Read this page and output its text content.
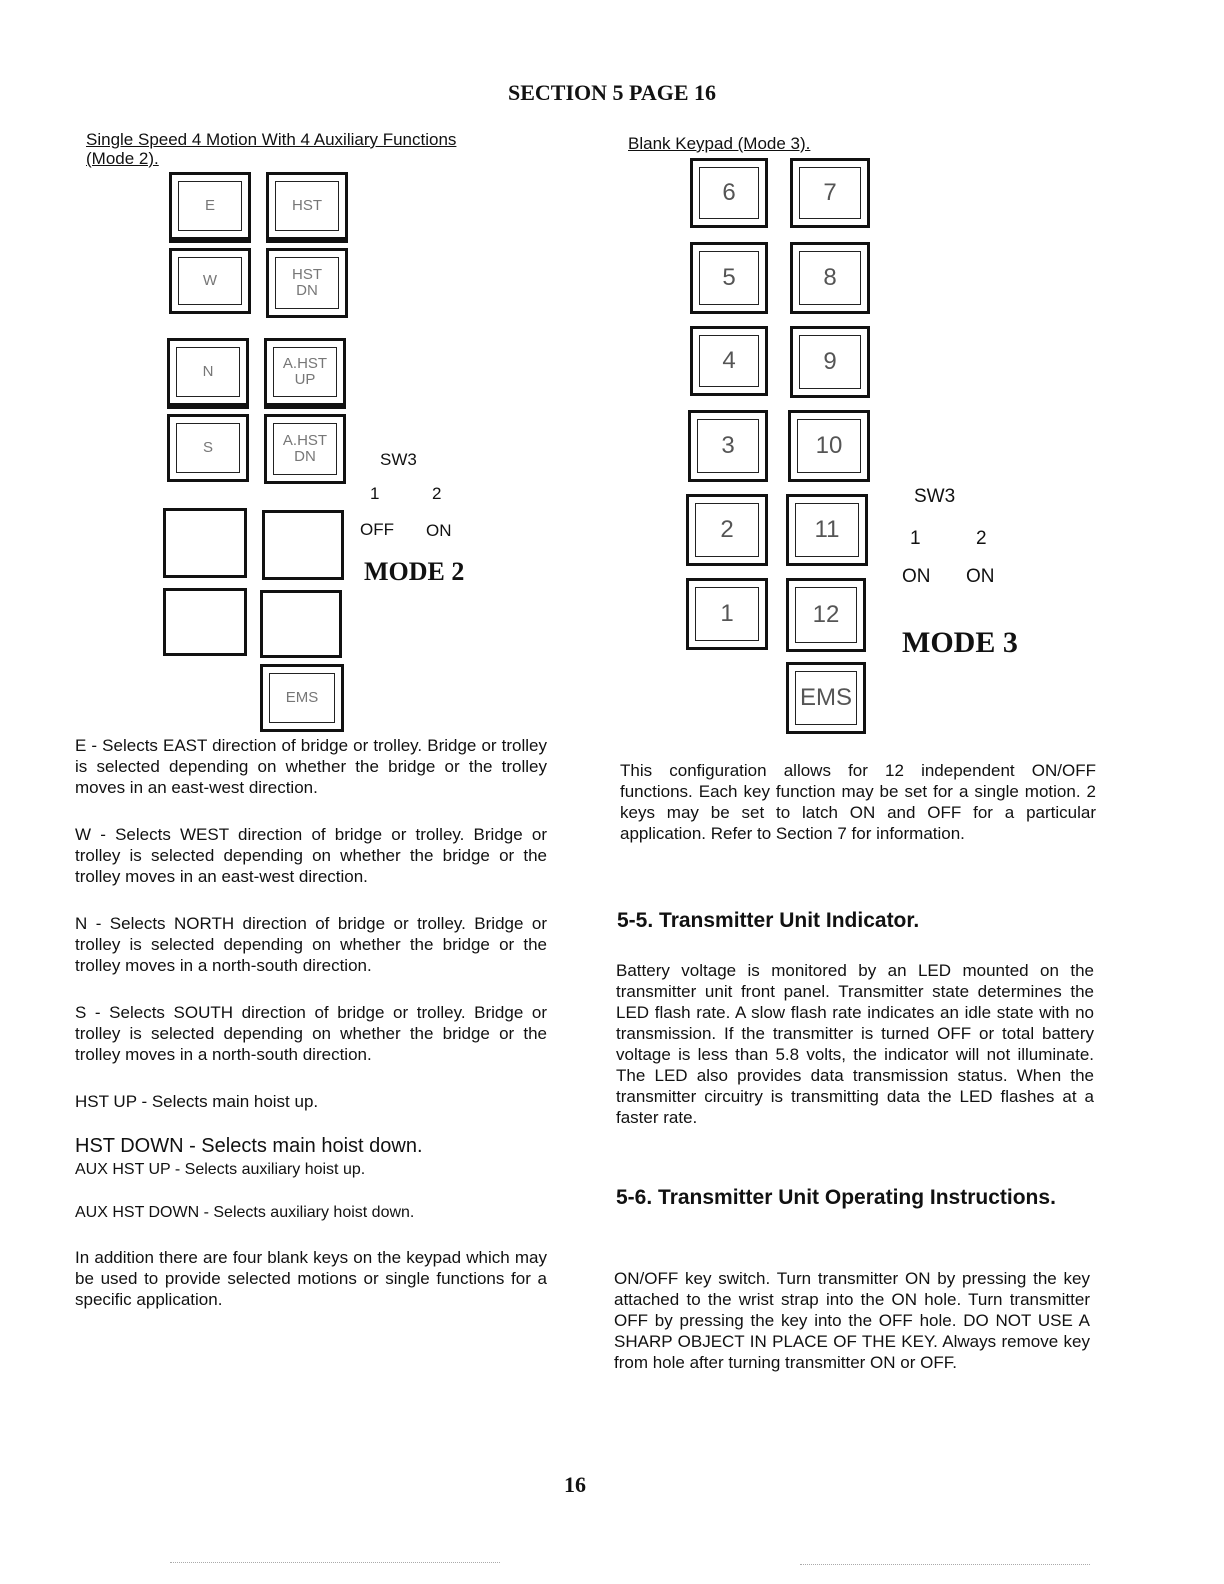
SECTION 5 PAGE 16
Single Speed 4 Motion With 4 Auxiliary Functions
(Mode 2).
E
W
HST
HST
DN
N
S
A.HST
UP
A.HST
DN
EMS
SW3
1	2
OFF ON
MODE 2

E - Selects EAST direction of bridge or trolley. Bridge or trolley is selected depending on whether the bridge or the trolley moves in an east-west direction.

W - Selects WEST direction of bridge or trolley. Bridge or trolley is selected depending on whether the bridge or the trolley moves in an east-west direction.

N - Selects NORTH direction of bridge or trolley. Bridge or trolley is selected depending on whether the bridge or the trolley moves in a north-south direction.

S - Selects SOUTH direction of bridge or trolley. Bridge or trolley is selected depending on whether the bridge or the trolley moves in a north-south direction.

HST UP - Selects main hoist up.

HST DOWN - Selects main hoist down.

AUX HST UP - Selects auxiliary hoist up.

AUX HST DOWN - Selects auxiliary hoist down.

In addition there are four blank keys on the keypad which may be used to provide selected motions or single functions for a specific application.

Blank Keypad (Mode 3).
6	7
5	8
4	9
3	10
2	11
1	12
EMS
SW3
1	2
ON ON
MODE 3
This configuration allows for 12 independent ON/OFF functions. Each key function may be set for a single motion. 2 keys may be set to latch ON and OFF for a particular application. Refer to Section 7 for information.
5-5. Transmitter Unit Indicator.
Battery voltage is monitored by an LED mounted on the transmitter unit front panel. Transmitter state determines the LED flash rate. A slow flash rate indicates an idle state with no transmission. If the transmitter is turned OFF or total battery voltage is less than 5.8 volts, the indicator will not illuminate. The LED also provides data transmission status. When the transmitter circuitry is transmitting data the LED flashes at a faster rate.
5-6. Transmitter Unit Operating Instructions.
ON/OFF key switch. Turn transmitter ON by pressing the key attached to the wrist strap into the ON hole. Turn transmitter OFF by pressing the key into the OFF hole. DO NOT USE A SHARP OBJECT IN PLACE OF THE KEY. Always remove key from hole after turning transmitter ON or OFF.
16
